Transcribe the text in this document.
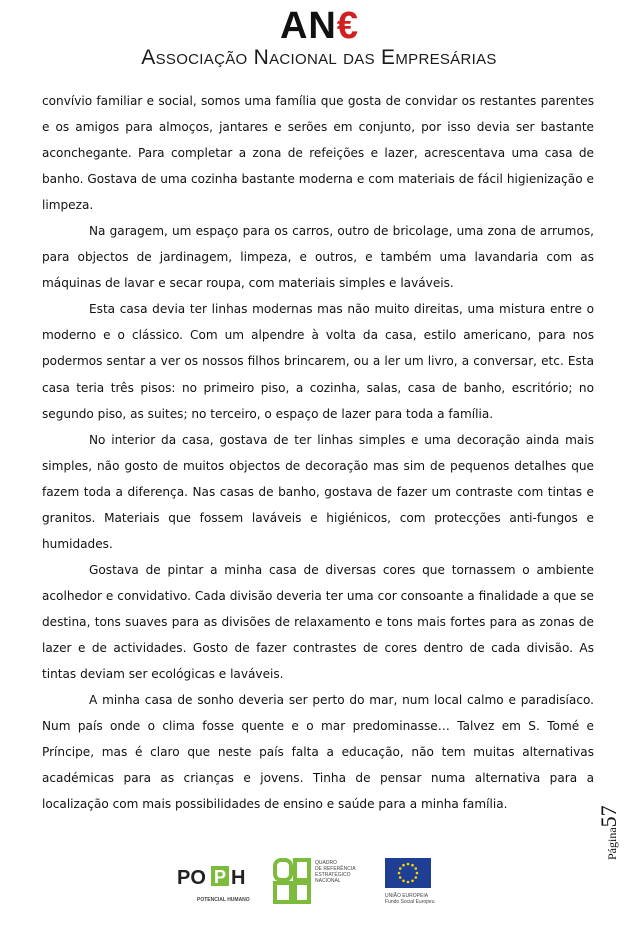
AN €
Associação Nacional das Empresárias

convívio familiar e social, somos uma família que gosta de convidar os restantes parentes e os amigos para almoços, jantares e serões em conjunto, por isso devia ser bastante aconchegante. Para completar a zona de refeições e lazer, acrescentava uma casa de banho. Gostava de uma cozinha bastante moderna e com materiais de fácil higienização e limpeza.

Na garagem, um espaço para os carros, outro de bricolage, uma zona de arrumos, para objectos de jardinagem, limpeza, e outros, e também uma lavandaria com as máquinas de lavar e secar roupa, com materiais simples e laváveis.

Esta casa devia ter linhas modernas mas não muito direitas, uma mistura entre o moderno e o clássico. Com um alpendre à volta da casa, estilo americano, para nos podermos sentar a ver os nossos filhos brincarem, ou a ler um livro, a conversar, etc. Esta casa teria três pisos: no primeiro piso, a cozinha, salas, casa de banho, escritório; no segundo piso, as suites; no terceiro, o espaço de lazer para toda a família.

No interior da casa, gostava de ter linhas simples e uma decoração ainda mais simples, não gosto de muitos objectos de decoração mas sim de pequenos detalhes que fazem toda a diferença. Nas casas de banho, gostava de fazer um contraste com tintas e granitos. Materiais que fossem laváveis e higiénicos, com protecções anti-fungos e humidades.

Gostava de pintar a minha casa de diversas cores que tornassem o ambiente acolhedor e convidativo. Cada divisão deveria ter uma cor consoante a finalidade a que se destina, tons suaves para as divisões de relaxamento e tons mais fortes para as zonas de lazer e de actividades. Gosto de fazer contrastes de cores dentro de cada divisão. As tintas deviam ser ecológicas e laváveis.

A minha casa de sonho deveria ser perto do mar, num local calmo e paradisíaco. Num país onde o clima fosse quente e o mar predominasse… Talvez em S. Tomé e Príncipe, mas é claro que neste país falta a educação, não tem muitas alternativas académicas para as crianças e jovens. Tinha de pensar numa alternativa para a localização com mais possibilidades de ensino e saúde para a minha família.

Página57
PO P H
POTENCIAL HUMANO
QUADRO
DE REFERÊNCIA
ESTRATÉGICO
NACIONAL
UNIÃO EUROPEIA
Fundo Social Europeu
